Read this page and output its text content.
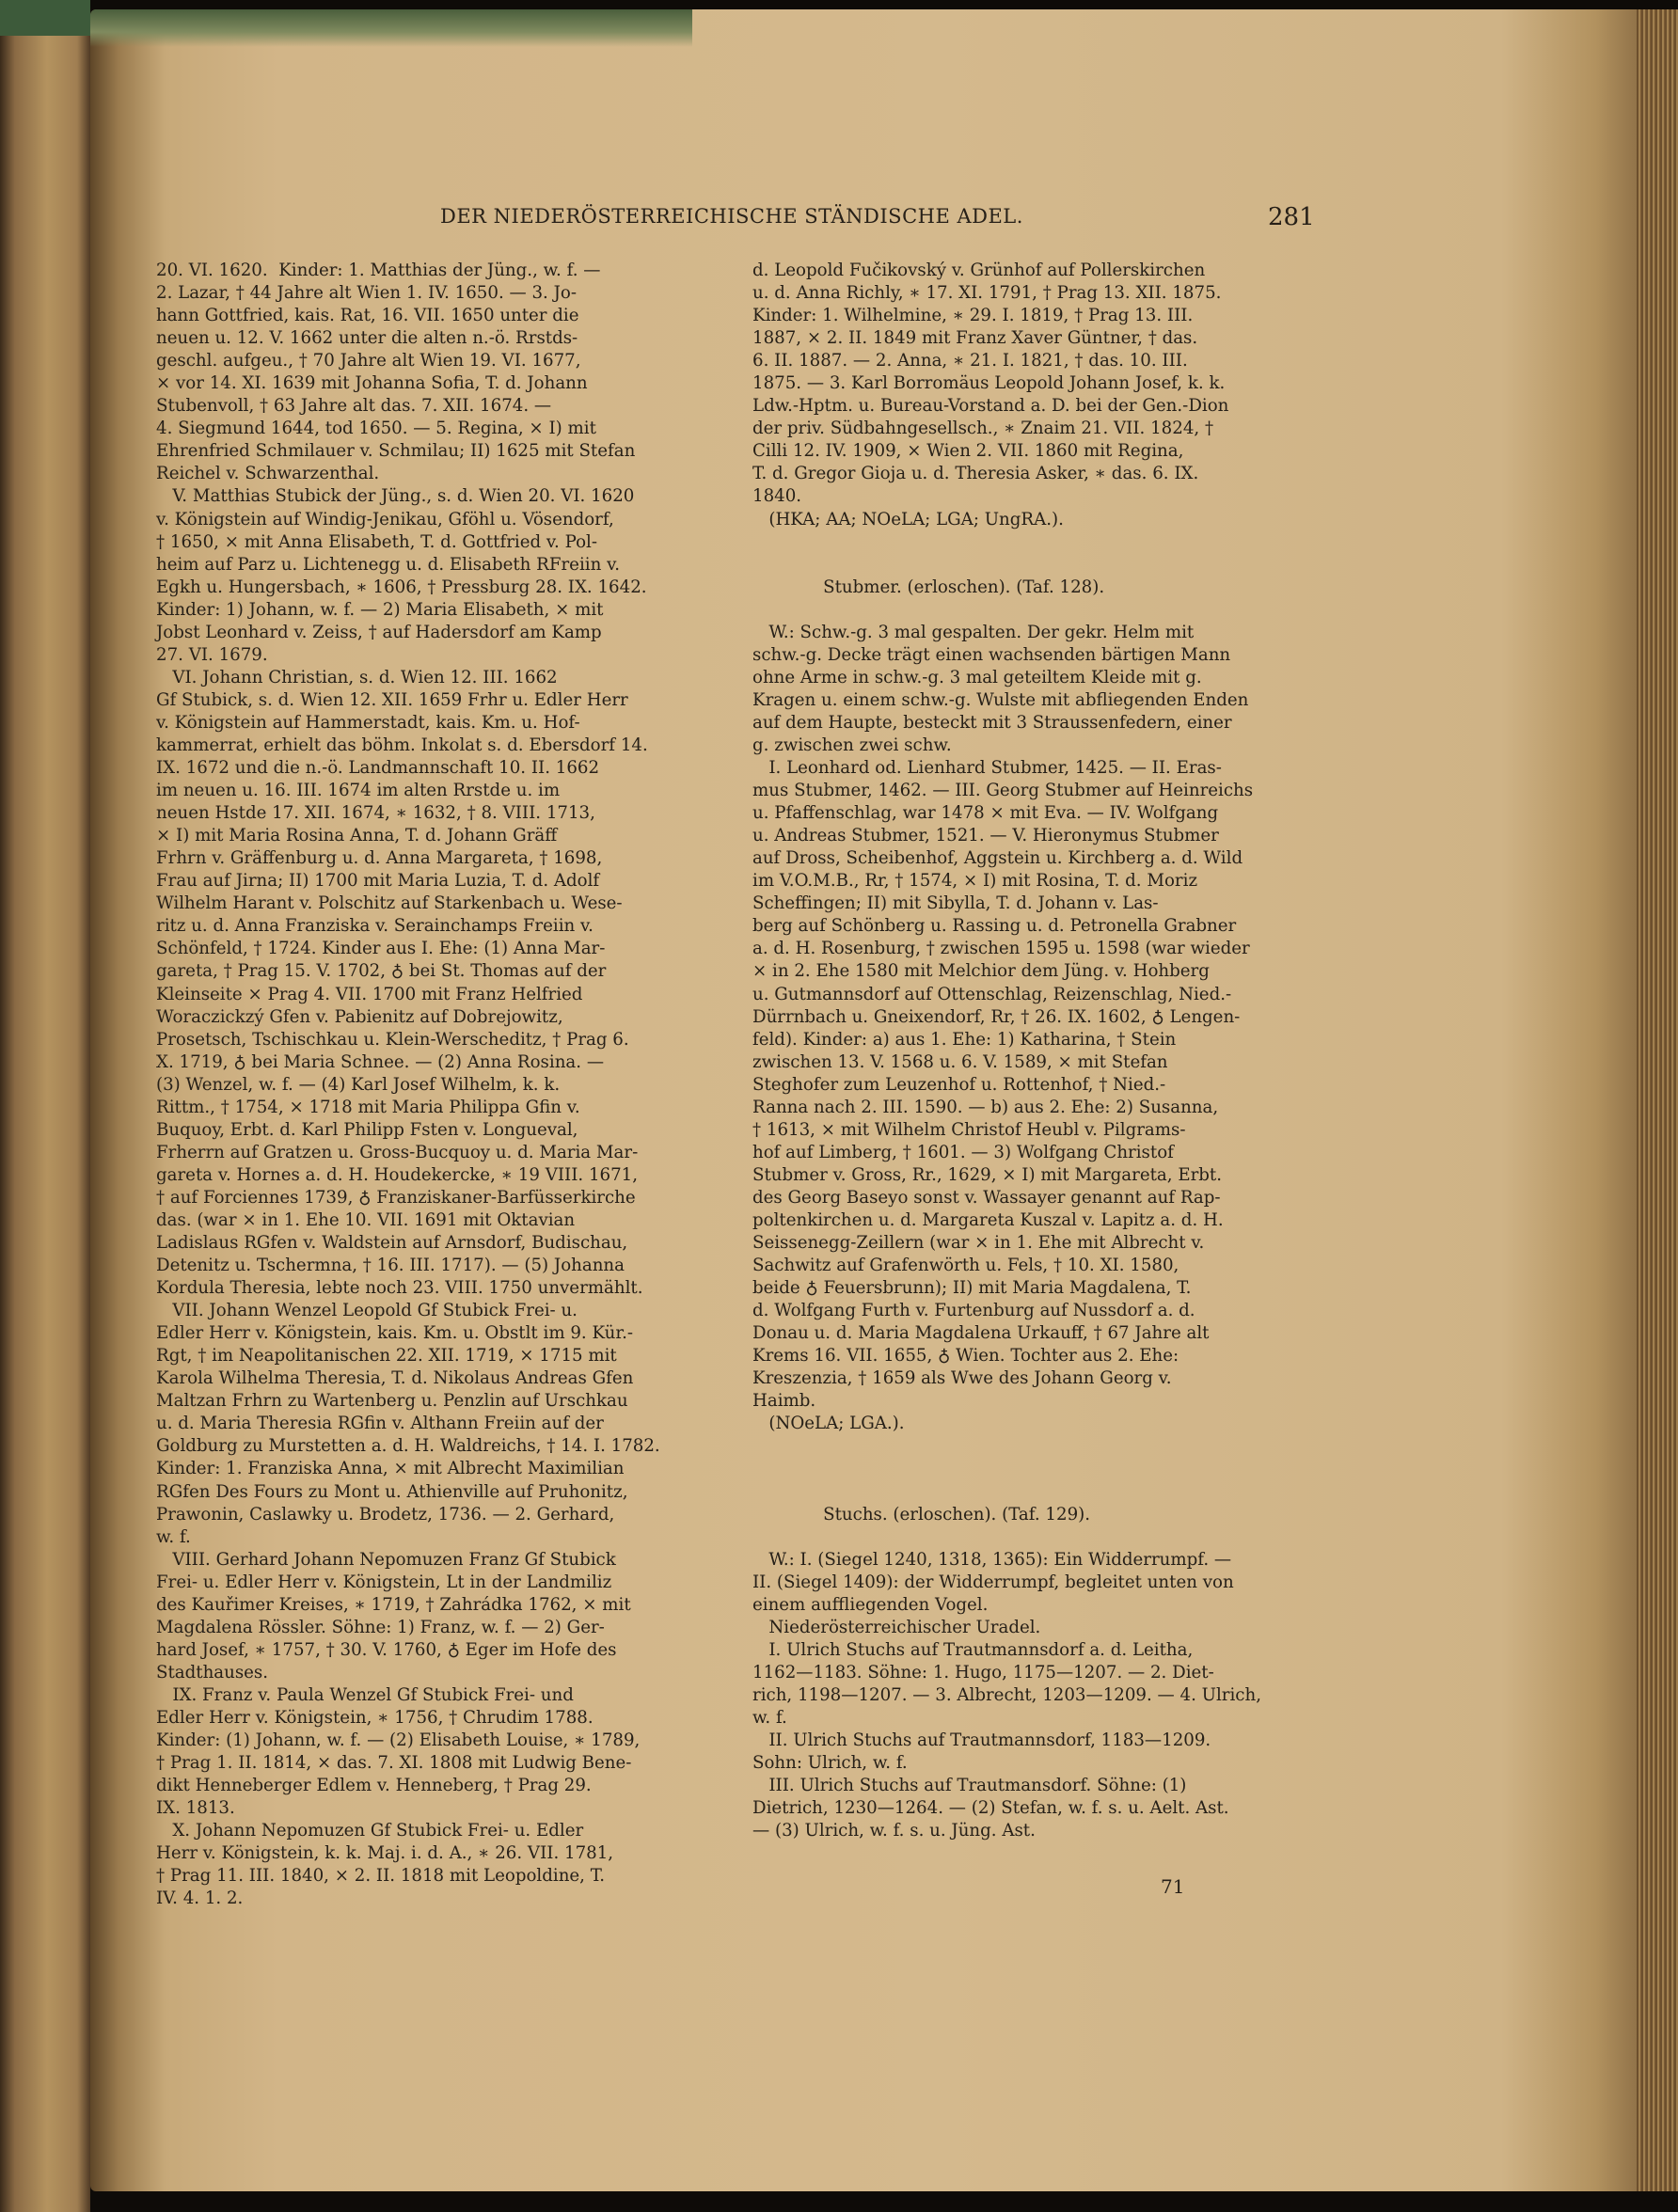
DER NIEDERÖSTERREICHISCHE STÄNDISCHE ADEL.	281
20. VI. 1620.  Kinder: 1. Matthias der Jüng., w. f. —
2. Lazar, † 44 Jahre alt Wien 1. IV. 1650. — 3. Jo-
hann Gottfried, kais. Rat, 16. VII. 1650 unter die
neuen u. 12. V. 1662 unter die alten n.-ö. Rrstds-
geschl. aufgeu., † 70 Jahre alt Wien 19. VI. 1677,
× vor 14. XI. 1639 mit Johanna Sofia, T. d. Johann
Stubenvoll, † 63 Jahre alt das. 7. XII. 1674. —
4. Siegmund 1644, tod 1650. — 5. Regina, × I) mit
Ehrenfried Schmilauer v. Schmilau; II) 1625 mit Stefan
Reichel v. Schwarzenthal.
V. Matthias Stubick der Jüng., s. d. Wien 20. VI. 1620
v. Königstein auf Windig-Jenikau, Gföhl u. Vösendorf,
† 1650, × mit Anna Elisabeth, T. d. Gottfried v. Pol-
heim auf Parz u. Lichtenegg u. d. Elisabeth RFreiin v.
Egkh u. Hungersbach, ∗ 1606, † Pressburg 28. IX. 1642.
Kinder: 1) Johann, w. f. — 2) Maria Elisabeth, × mit
Jobst Leonhard v. Zeiss, † auf Hadersdorf am Kamp
27. VI. 1679.
VI. Johann Christian, s. d. Wien 12. III. 1662
Gf Stubick, s. d. Wien 12. XII. 1659 Frhr u. Edler Herr
v. Königstein auf Hammerstadt, kais. Km. u. Hof-
kammerrat, erhielt das böhm. Inkolat s. d. Ebersdorf 14.
IX. 1672 und die n.-ö. Landmannschaft 10. II. 1662
im neuen u. 16. III. 1674 im alten Rrstde u. im
neuen Hstde 17. XII. 1674, ∗ 1632, † 8. VIII. 1713,
× I) mit Maria Rosina Anna, T. d. Johann Gräff
Frhrn v. Gräffenburg u. d. Anna Margareta, † 1698,
Frau auf Jirna; II) 1700 mit Maria Luzia, T. d. Adolf
Wilhelm Harant v. Polschitz auf Starkenbach u. Wese-
ritz u. d. Anna Franziska v. Serainchamps Freiin v.
Schönfeld, † 1724. Kinder aus I. Ehe: (1) Anna Mar-
gareta, † Prag 15. V. 1702, ♁ bei St. Thomas auf der
Kleinseite × Prag 4. VII. 1700 mit Franz Helfried
Woraczickzý Gfen v. Pabienitz auf Dobrejowitz,
Prosetsch, Tschischkau u. Klein-Werscheditz, † Prag 6.
X. 1719, ♁ bei Maria Schnee. — (2) Anna Rosina. —
(3) Wenzel, w. f. — (4) Karl Josef Wilhelm, k. k.
Rittm., † 1754, × 1718 mit Maria Philippa Gfin v.
Buquoy, Erbt. d. Karl Philipp Fsten v. Longueval,
Frherrn auf Gratzen u. Gross-Bucquoy u. d. Maria Mar-
gareta v. Hornes a. d. H. Houdekercke, ∗ 19 VIII. 1671,
† auf Forciennes 1739, ♁ Franziskaner-Barfüsserkirche
das. (war × in 1. Ehe 10. VII. 1691 mit Oktavian
Ladislaus RGfen v. Waldstein auf Arnsdorf, Budischau,
Detenitz u. Tschermna, † 16. III. 1717). — (5) Johanna
Kordula Theresia, lebte noch 23. VIII. 1750 unvermählt.
VII. Johann Wenzel Leopold Gf Stubick Frei- u.
Edler Herr v. Königstein, kais. Km. u. Obstlt im 9. Kür.-
Rgt, † im Neapolitanischen 22. XII. 1719, × 1715 mit
Karola Wilhelma Theresia, T. d. Nikolaus Andreas Gfen
Maltzan Frhrn zu Wartenberg u. Penzlin auf Urschkau
u. d. Maria Theresia RGfin v. Althann Freiin auf der
Goldburg zu Murstetten a. d. H. Waldreichs, † 14. I. 1782.
Kinder: 1. Franziska Anna, × mit Albrecht Maximilian
RGfen Des Fours zu Mont u. Athienville auf Pruhonitz,
Prawonin, Caslawky u. Brodetz, 1736. — 2. Gerhard,
w. f.
VIII. Gerhard Johann Nepomuzen Franz Gf Stubick
Frei- u. Edler Herr v. Königstein, Lt in der Landmiliz
des Kauřimer Kreises, ∗ 1719, † Zahrádka 1762, × mit
Magdalena Rössler. Söhne: 1) Franz, w. f. — 2) Ger-
hard Josef, ∗ 1757, † 30. V. 1760, ♁ Eger im Hofe des
Stadthauses.
IX. Franz v. Paula Wenzel Gf Stubick Frei- und
Edler Herr v. Königstein, ∗ 1756, † Chrudim 1788.
Kinder: (1) Johann, w. f. — (2) Elisabeth Louise, ∗ 1789,
† Prag 1. II. 1814, × das. 7. XI. 1808 mit Ludwig Bene-
dikt Henneberger Edlem v. Henneberg, † Prag 29.
IX. 1813.
X. Johann Nepomuzen Gf Stubick Frei- u. Edler
Herr v. Königstein, k. k. Maj. i. d. A., ∗ 26. VII. 1781,
† Prag 11. III. 1840, × 2. II. 1818 mit Leopoldine, T.
IV. 4. 1. 2.
d. Leopold Fučikovský v. Grünhof auf Pollerskirchen
u. d. Anna Richly, ∗ 17. XI. 1791, † Prag 13. XII. 1875.
Kinder: 1. Wilhelmine, ∗ 29. I. 1819, † Prag 13. III.
1887, × 2. II. 1849 mit Franz Xaver Güntner, † das.
6. II. 1887. — 2. Anna, ∗ 21. I. 1821, † das. 10. III.
1875. — 3. Karl Borromäus Leopold Johann Josef, k. k.
Ldw.-Hptm. u. Bureau-Vorstand a. D. bei der Gen.-Dion
der priv. Südbahngesellsch., ∗ Znaim 21. VII. 1824, †
Cilli 12. IV. 1909, × Wien 2. VII. 1860 mit Regina,
T. d. Gregor Gioja u. d. Theresia Asker, ∗ das. 6. IX.
1840.
(HKA; AA; NOeLA; LGA; UngRA.).
Stubmer. (erloschen). (Taf. 128).
W.: Schw.-g. 3 mal gespalten. Der gekr. Helm mit
schw.-g. Decke trägt einen wachsenden bärtigen Mann
ohne Arme in schw.-g. 3 mal geteiltem Kleide mit g.
Kragen u. einem schw.-g. Wulste mit abfliegenden Enden
auf dem Haupte, besteckt mit 3 Straussenfedern, einer
g. zwischen zwei schw.
I. Leonhard od. Lienhard Stubmer, 1425. — II. Eras-
mus Stubmer, 1462. — III. Georg Stubmer auf Heinreichs
u. Pfaffenschlag, war 1478 × mit Eva. — IV. Wolfgang
u. Andreas Stubmer, 1521. — V. Hieronymus Stubmer
auf Dross, Scheibenhof, Aggstein u. Kirchberg a. d. Wild
im V.O.M.B., Rr, † 1574, × I) mit Rosina, T. d. Moriz
Scheffingen; II) mit Sibylla, T. d. Johann v. Las-
berg auf Schönberg u. Rassing u. d. Petronella Grabner
a. d. H. Rosenburg, † zwischen 1595 u. 1598 (war wieder
× in 2. Ehe 1580 mit Melchior dem Jüng. v. Hohberg
u. Gutmannsdorf auf Ottenschlag, Reizenschlag, Nied.-
Dürrnbach u. Gneixendorf, Rr, † 26. IX. 1602, ♁ Lengen-
feld). Kinder: a) aus 1. Ehe: 1) Katharina, † Stein
zwischen 13. V. 1568 u. 6. V. 1589, × mit Stefan
Steghofer zum Leuzenhof u. Rottenhof, † Nied.-
Ranna nach 2. III. 1590. — b) aus 2. Ehe: 2) Susanna,
† 1613, × mit Wilhelm Christof Heubl v. Pilgrams-
hof auf Limberg, † 1601. — 3) Wolfgang Christof
Stubmer v. Gross, Rr., 1629, × I) mit Margareta, Erbt.
des Georg Baseyo sonst v. Wassayer genannt auf Rap-
poltenkirchen u. d. Margareta Kuszal v. Lapitz a. d. H.
Seissenegg-Zeillern (war × in 1. Ehe mit Albrecht v.
Sachwitz auf Grafenwörth u. Fels, † 10. XI. 1580,
beide ♁ Feuersbrunn); II) mit Maria Magdalena, T.
d. Wolfgang Furth v. Furtenburg auf Nussdorf a. d.
Donau u. d. Maria Magdalena Urkauff, † 67 Jahre alt
Krems 16. VII. 1655, ♁ Wien. Tochter aus 2. Ehe:
Kreszenzia, † 1659 als Wwe des Johann Georg v.
Haimb.
(NOeLA; LGA.).
Stuchs. (erloschen). (Taf. 129).
W.: I. (Siegel 1240, 1318, 1365): Ein Widderrumpf. —
II. (Siegel 1409): der Widderrumpf, begleitet unten von
einem auffliegenden Vogel.
Niederösterreichischer Uradel.
I. Ulrich Stuchs auf Trautmannsdorf a. d. Leitha,
1162—1183. Söhne: 1. Hugo, 1175—1207. — 2. Diet-
rich, 1198—1207. — 3. Albrecht, 1203—1209. — 4. Ulrich,
w. f.
II. Ulrich Stuchs auf Trautmannsdorf, 1183—1209.
Sohn: Ulrich, w. f.
III. Ulrich Stuchs auf Trautmansdorf. Söhne: (1)
Dietrich, 1230—1264. — (2) Stefan, w. f. s. u. Aelt. Ast.
— (3) Ulrich, w. f. s. u. Jüng. Ast.
71
